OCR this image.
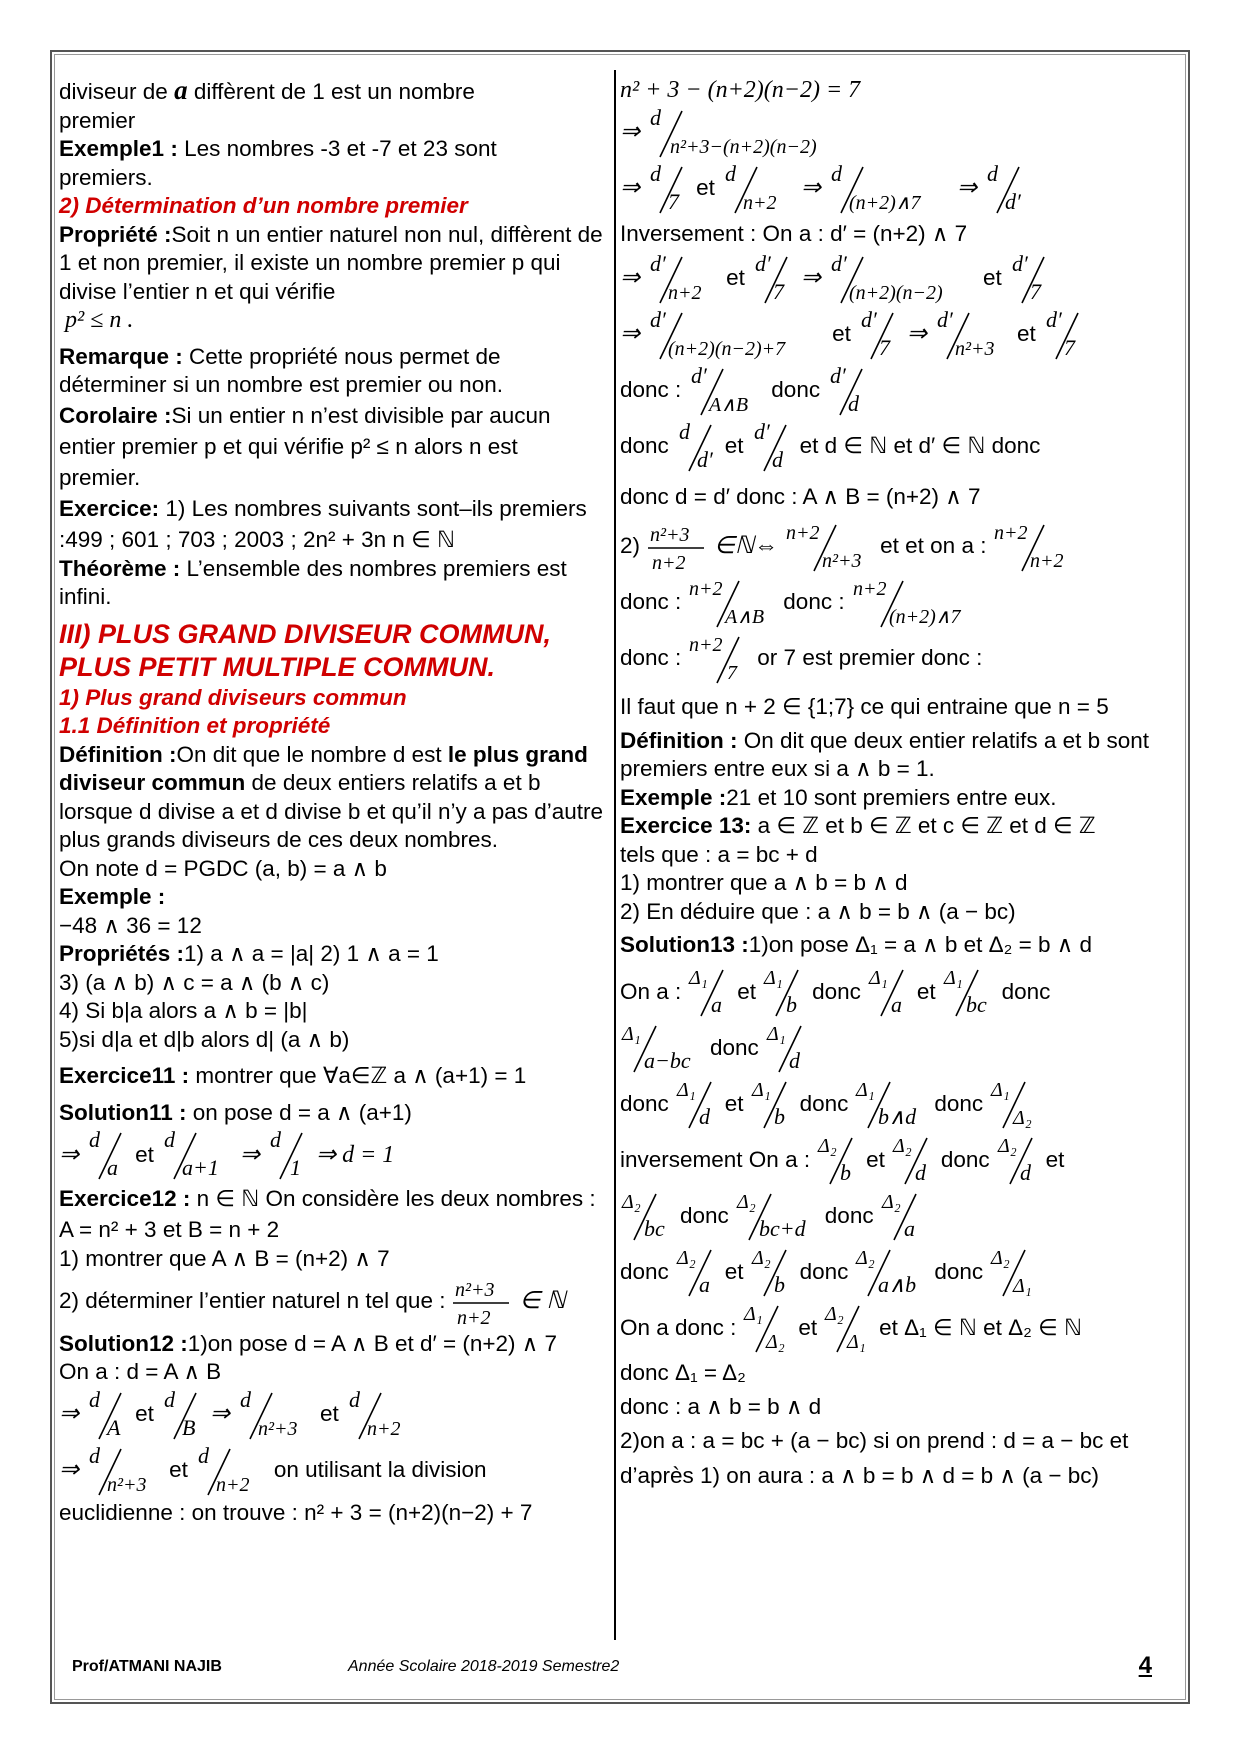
diviseur de a diffèrent de 1 est un nombre

premier

Exemple1 : Les nombres -3 et -7 et 23 sont

premiers.

2) Détermination d’un nombre premier

Propriété :Soit n un entier naturel non nul, diffèrent de 1 et non premier, il existe un nombre premier p qui divise l’entier n et qui vérifie

p² ≤ n .

Remarque : Cette propriété nous permet de déterminer si un nombre est premier ou non.

Corolaire :Si un entier n n’est divisible par aucun entier premier p et qui vérifie p² ≤ n alors n est premier.

Exercice: 1) Les nombres suivants sont–ils premiers :499 ; 601 ; 703 ; 2003 ; 2n² + 3n n ∈ ℕ

Théorème : L’ensemble des nombres premiers est infini.

III) PLUS GRAND DIVISEUR COMMUN, PLUS PETIT MULTIPLE COMMUN.

1) Plus grand diviseurs commun

1.1 Définition et propriété

Définition :On dit que le nombre d est le plus grand diviseur commun de deux entiers relatifs a et b lorsque d divise a et d divise b et qu’il n’y a pas d’autre plus grands diviseurs de ces deux nombres.

On note d = PGDC (a, b) = a ∧ b

Exemple :

−48 ∧ 36 = 12

Propriétés :1) a ∧ a = |a| 2) 1 ∧ a = 1

3) (a ∧ b) ∧ c = a ∧ (b ∧ c)

4) Si b|a alors a ∧ b = |b|

5)si d|a et d|b alors d| (a ∧ b)

Exercice11 : montrer que ∀a∈ℤ a ∧ (a+1) = 1

Solution11 : on pose d = a ∧ (a+1)

⇒
d
a
et
d
a+1 ⇒
d
1 ⇒ d = 1

Exercice12 : n ∈ ℕ On considère les deux nombres : A = n² + 3 et B = n + 2

1) montrer que A ∧ B = (n+2) ∧ 7

2) déterminer l’entier naturel n tel que : n²+3
n+2
∈ ℕ

Solution12 :1)on pose d = A ∧ B et d′ = (n+2) ∧ 7

On a : d = A ∧ B

⇒
d
A
et
d
B ⇒
d
n²+3
et
d
n+2
⇒
d
n²+3
et
d
n+2
on utilisant la division

euclidienne : on trouve : n² + 3 = (n+2)(n−2) + 7

n² + 3 − (n+2)(n−2) = 7

⇒
d
n²+3−(n+2)(n−2)
⇒
d
7
et
d
n+2
⇒
d
(n+2)∧7
⇒
d
d′

Inversement : On a : d′ = (n+2) ∧ 7

⇒
d′
n+2
et
d′
7 ⇒
d′
(n+2)(n−2)
et
d′
7
⇒
d′
(n+2)(n−2)+7
et
d′
7 ⇒
d′
n²+3
et
d′
7
donc :
d′
A∧B
donc
d′
d
donc
d
d′
et
d′
d
et d ∈ ℕ et d′ ∈ ℕ donc

donc d = d′ donc : A ∧ B = (n+2) ∧ 7

2) n²+3
n+2
∈ℕ⇔
n+2
n²+3
et et on a :
n+2
n+2
donc :
n+2
A∧B
donc :
n+2
(n+2)∧7
donc :
n+2
7
or 7 est premier donc :

Il faut que n + 2 ∈ {1;7} ce qui entraine que n = 5

Définition : On dit que deux entier relatifs a et b sont premiers entre eux si a ∧ b = 1.

Exemple :21 et 10 sont premiers entre eux.

Exercice 13: a ∈ ℤ et b ∈ ℤ et c ∈ ℤ et d ∈ ℤ

tels que : a = bc + d

1) montrer que a ∧ b = b ∧ d

2) En déduire que : a ∧ b = b ∧ (a − bc)

Solution13 :1)on pose Δ₁ = a ∧ b et Δ₂ = b ∧ d

On a :
Δ₁
a
et
Δ₁
b
donc
Δ₁
a
et
Δ₁
bc
donc
Δ₁
a−bc
donc
Δ₁
d
donc
Δ₁
d
et
Δ₁
b
donc
Δ₁
b∧d
donc
Δ₁
Δ₂
inversement On a :
Δ₂
b
et
Δ₂
d
donc
Δ₂
d
et
Δ₂
bc
donc
Δ₂
bc+d
donc
Δ₂
a
donc
Δ₂
a
et
Δ₂
b
donc
Δ₂
a∧b
donc
Δ₂
Δ₁
On a donc :
Δ₁
Δ₂
et
Δ₂
Δ₁
et Δ₁ ∈ ℕ et Δ₂ ∈ ℕ

donc Δ₁ = Δ₂

donc : a ∧ b = b ∧ d

2)on a : a = bc + (a − bc) si on prend : d = a − bc et

d’après 1) on aura : a ∧ b = b ∧ d = b ∧ (a − bc)

Prof/ATMANI NAJIB	Année Scolaire 2018-2019 Semestre2	4
